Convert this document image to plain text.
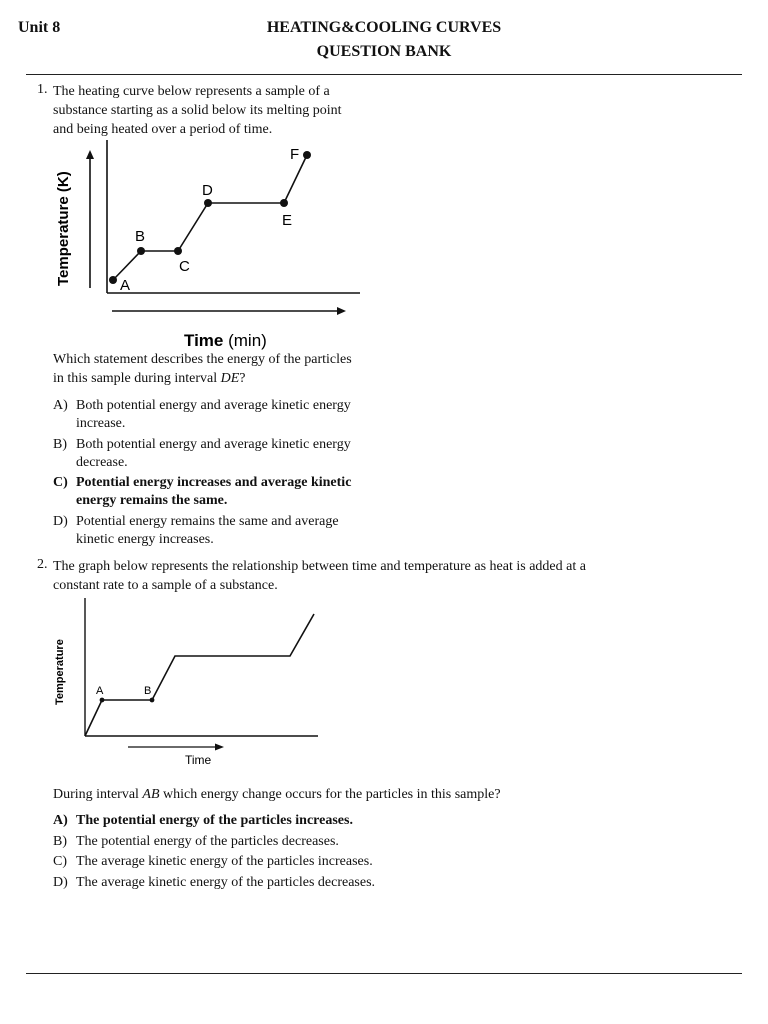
Unit 8	HEATING&COOLING CURVES
QUESTION BANK
1. The heating curve below represents a sample of a
substance starting as a solid below its melting point
and being heated over a period of time.
A
B
C
D
E
F
Temperature (K)
Time (min)
Which statement describes the energy of the particles
in this sample during interval DE?
A) Both potential energy and average kinetic energy
increase.
B) Both potential energy and average kinetic energy
decrease.
C) Potential energy increases and average kinetic
energy remains the same.
D) Potential energy remains the same and average
kinetic energy increases.
2. The graph below represents the relationship between time and temperature as heat is added at a
constant rate to a sample of a substance.
A	B
Temperature
Time
During interval AB which energy change occurs for the particles in this sample?
A) The potential energy of the particles increases.
B) The potential energy of the particles decreases.
C) The average kinetic energy of the particles increases.
D) The average kinetic energy of the particles decreases.
